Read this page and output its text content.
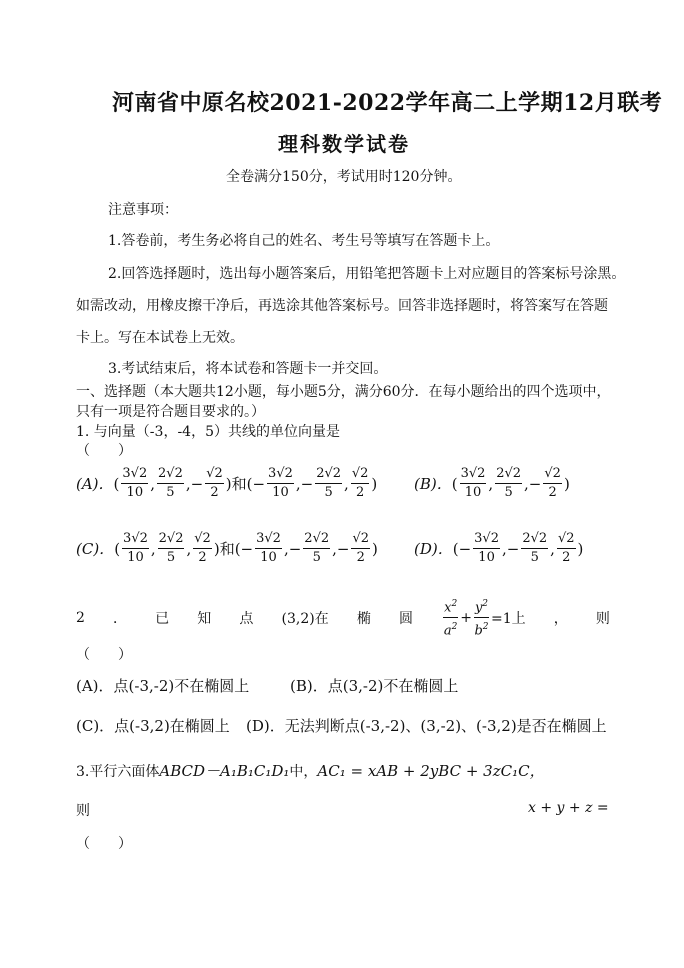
河南省中原名校2021-2022学年高二上学期12月联考
理科数学试卷
全卷满分150分，考试用时120分钟。
注意事项：
1.答卷前，考生务必将自己的姓名、考生号等填写在答题卡上。
2.回答选择题时，选出每小题答案后，用铅笔把答题卡上对应题目的答案标号涂黑。
如需改动，用橡皮擦干净后，再选涂其他答案标号。回答非选择题时，将答案写在答题
卡上。写在本试卷上无效。
3.考试结束后，将本试卷和答题卡一并交回。
一、选择题（本大题共12小题，每小题5分，满分60分．在每小题给出的四个选项中，
只有一项是符合题目要求的。）
1. 与向量（-3，-4，5）共线的单位向量是
（　　）
(A)． ( $\frac{3√2}{10}$ , $\frac{2√2}{5}$ ,− $\frac{√2}{2}$ ) 和 (− $\frac{3√2}{10}$ ,− $\frac{2√2}{5}$ , $\frac{√2}{2}$ ) (B)． ( $\frac{3√2}{10}$ , $\frac{2√2}{5}$ ,− $\frac{√2}{2}$ )
(C)． ( $\frac{3√2}{10}$ , $\frac{2√2}{5}$ , $\frac{√2}{2}$ ) 和 (− $\frac{3√2}{10}$ ,− $\frac{2√2}{5}$ ,− $\frac{√2}{2}$ ) (D)． (− $\frac{3√2}{10}$ ,− $\frac{2√2}{5}$ , $\frac{√2}{2}$ )
2 ． 已 知 点 (3,2)在 椭 圆 $\frac{x^2}{a^2} + \frac{y^2}{b^2} =1$上 ， 则
（　　）
(A)．点(-3,-2)不在椭圆上	(B)．点(3,-2)不在椭圆上
(C)．点(-3,2)在椭圆上 (D)．无法判断点(-3,-2)、(3,-2)、(-3,2)是否在椭圆上
3.平行六面体 ABCD－A₁B₁C₁D₁ 中， AC₁ = xAB + 2yBC + 3zC₁C，
则	x + y + z =
（　　）
